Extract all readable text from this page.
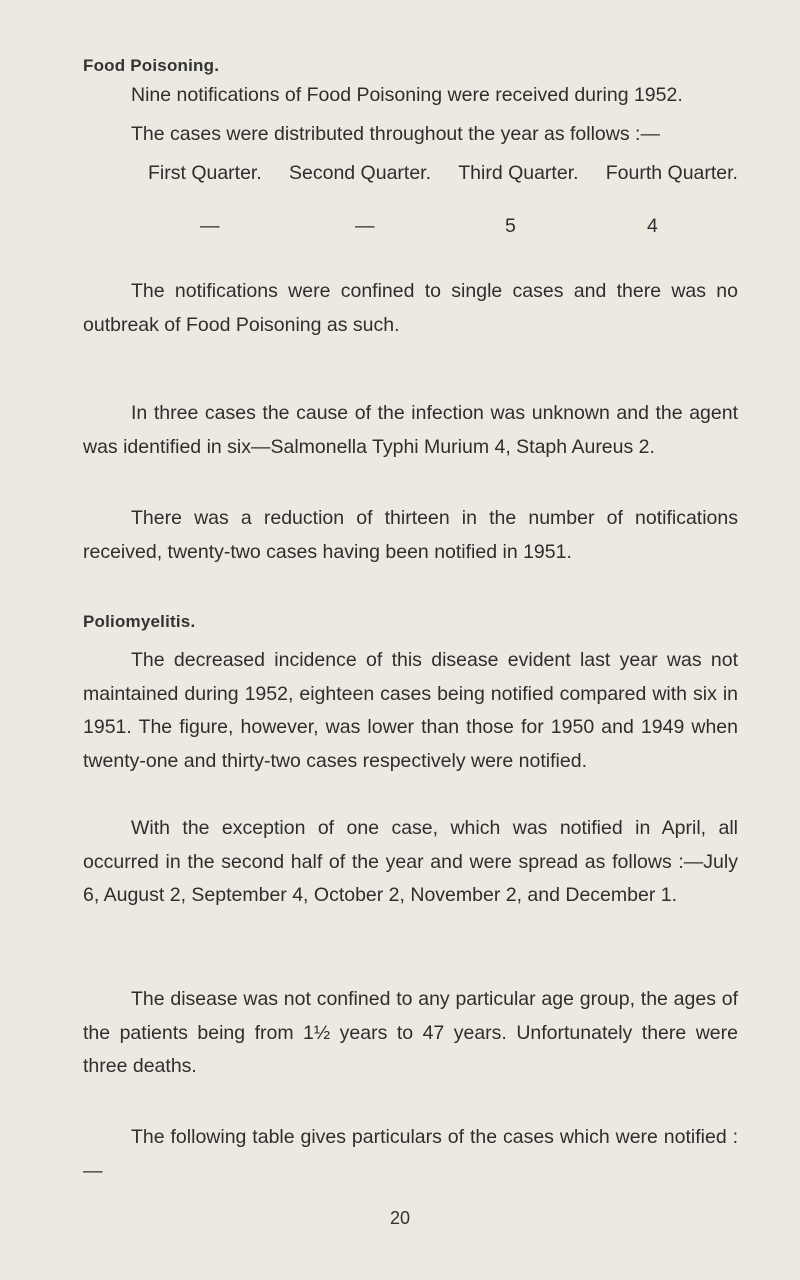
Food Poisoning.
Nine notifications of Food Poisoning were received during 1952.
The cases were distributed throughout the year as follows :—
First Quarter. Second Quarter. Third Quarter. Fourth Quarter.
—	—	5	4

The notifications were confined to single cases and there was no outbreak of Food Poisoning as such.

In three cases the cause of the infection was unknown and the agent was identified in six—Salmonella Typhi Murium 4, Staph Aureus 2.

There was a reduction of thirteen in the number of notifications received, twenty-two cases having been notified in 1951.

Poliomyelitis.

The decreased incidence of this disease evident last year was not maintained during 1952, eighteen cases being notified compared with six in 1951. The figure, however, was lower than those for 1950 and 1949 when twenty-one and thirty-two cases respectively were notified.

With the exception of one case, which was notified in April, all occurred in the second half of the year and were spread as follows :—July 6, August 2, September 4, October 2, November 2, and December 1.

The disease was not confined to any particular age group, the ages of the patients being from 1½ years to 47 years. Unfortunately there were three deaths.

The following table gives particulars of the cases which were notified :—

20
